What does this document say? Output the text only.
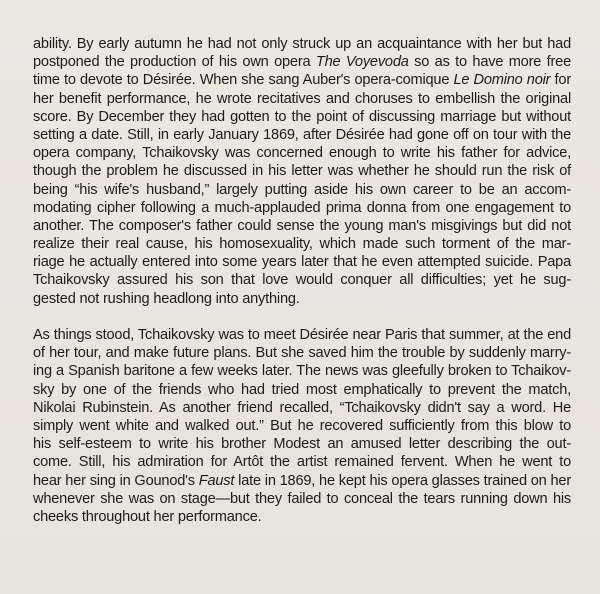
ability. By early autumn he had not only struck up an acquaintance with her but had
postponed the production of his own opera The Voyevoda so as to have more free
time to devote to Désirée. When she sang Auber's opera-comique Le Domino noir for
her benefit performance, he wrote recitatives and choruses to embellish the original
score. By December they had gotten to the point of discussing marriage but without
setting a date. Still, in early January 1869, after Désirée had gone off on tour with the
opera company, Tchaikovsky was concerned enough to write his father for advice,
though the problem he discussed in his letter was whether he should run the risk of
being “his wife's husband,” largely putting aside his own career to be an accom-
modating cipher following a much-applauded prima donna from one engagement to
another. The composer's father could sense the young man's misgivings but did not
realize their real cause, his homosexuality, which made such torment of the mar-
riage he actually entered into some years later that he even attempted suicide. Papa
Tchaikovsky assured his son that love would conquer all difficulties; yet he sug-
gested not rushing headlong into anything.
As things stood, Tchaikovsky was to meet Désirée near Paris that summer, at the end
of her tour, and make future plans. But she saved him the trouble by suddenly marry-
ing a Spanish baritone a few weeks later. The news was gleefully broken to Tchaikov-
sky by one of the friends who had tried most emphatically to prevent the match,
Nikolai Rubinstein. As another friend recalled, “Tchaikovsky didn't say a word. He
simply went white and walked out.” But he recovered sufficiently from this blow to
his self-esteem to write his brother Modest an amused letter describing the out-
come. Still, his admiration for Artôt the artist remained fervent. When he went to
hear her sing in Gounod's Faust late in 1869, he kept his opera glasses trained on her
whenever she was on stage—but they failed to conceal the tears running down his
cheeks throughout her performance.
